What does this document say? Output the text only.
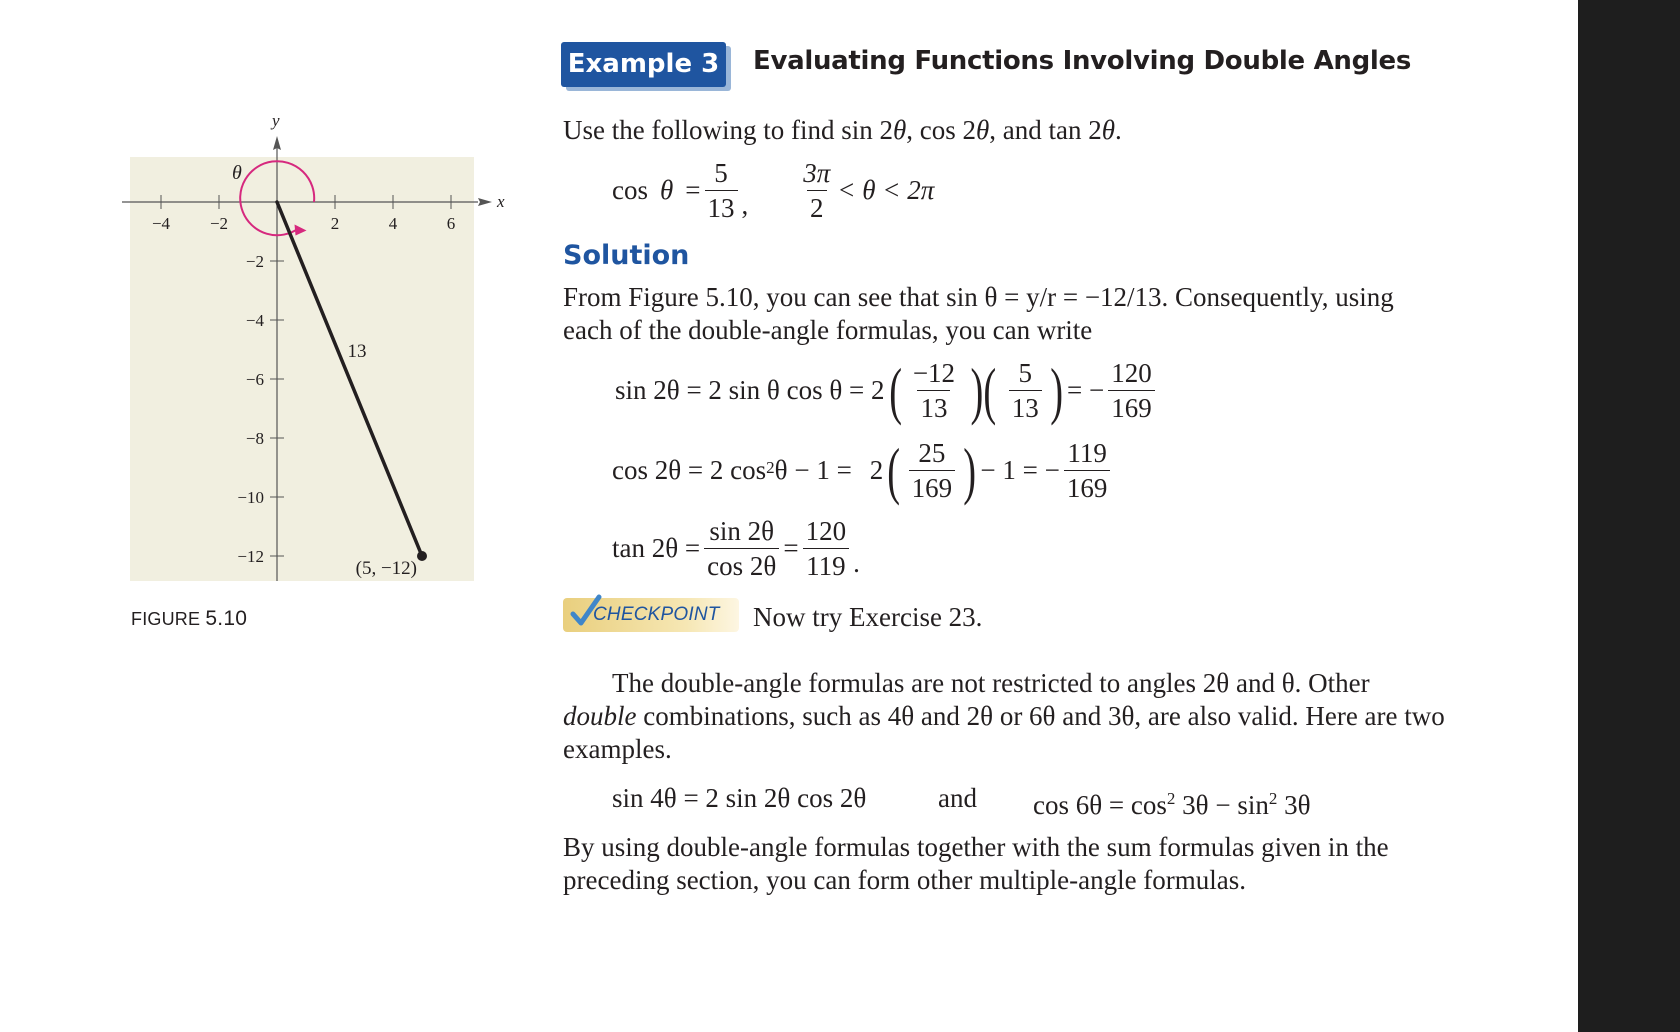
x
y
−4 −2	2	4	6
−2
−4
−6
−8
−10
−12
θ
13
(5, −12)
FIGURE 5.10
Example 3 Evaluating Functions Involving Double Angles
Use the following to find sin 2θ, cos 2θ, and tan 2θ.
$\cos \theta = \frac{5}{13}$ , $\frac{3\pi}{2} < \theta < 2\pi$
Solution
From Figure 5.10, you can see that sin θ = y/r = −12/13. Consequently, using

each of the double-angle formulas, you can write
sin 2θ = 2 sin θ cos θ = 2 ( $\frac{-12}{13}$ )( $\frac{5}{13}$ ) = − $\frac{120}{169}$
cos 2θ = 2 cos 2 θ − 1 = 2 ( $\frac{25}{169}$ ) − 1 = − $\frac{119}{169}$
$\tan 2\theta = \frac{\sin 2\theta}{\cos 2\theta} = \frac{120}{119}$ .
CHECKPOINT Now try Exercise 23.
The double-angle formulas are not restricted to angles 2θ and θ. Other
double combinations, such as 4θ and 2θ or 6θ and 3θ, are also valid. Here are two

examples.
sin 4θ = 2 sin 2θ cos 2θ	and $\cos 6\theta = \cos^2 3\theta - \sin^2 3\theta$
By using double-angle formulas together with the sum formulas given in the

preceding section, you can form other multiple-angle formulas.
